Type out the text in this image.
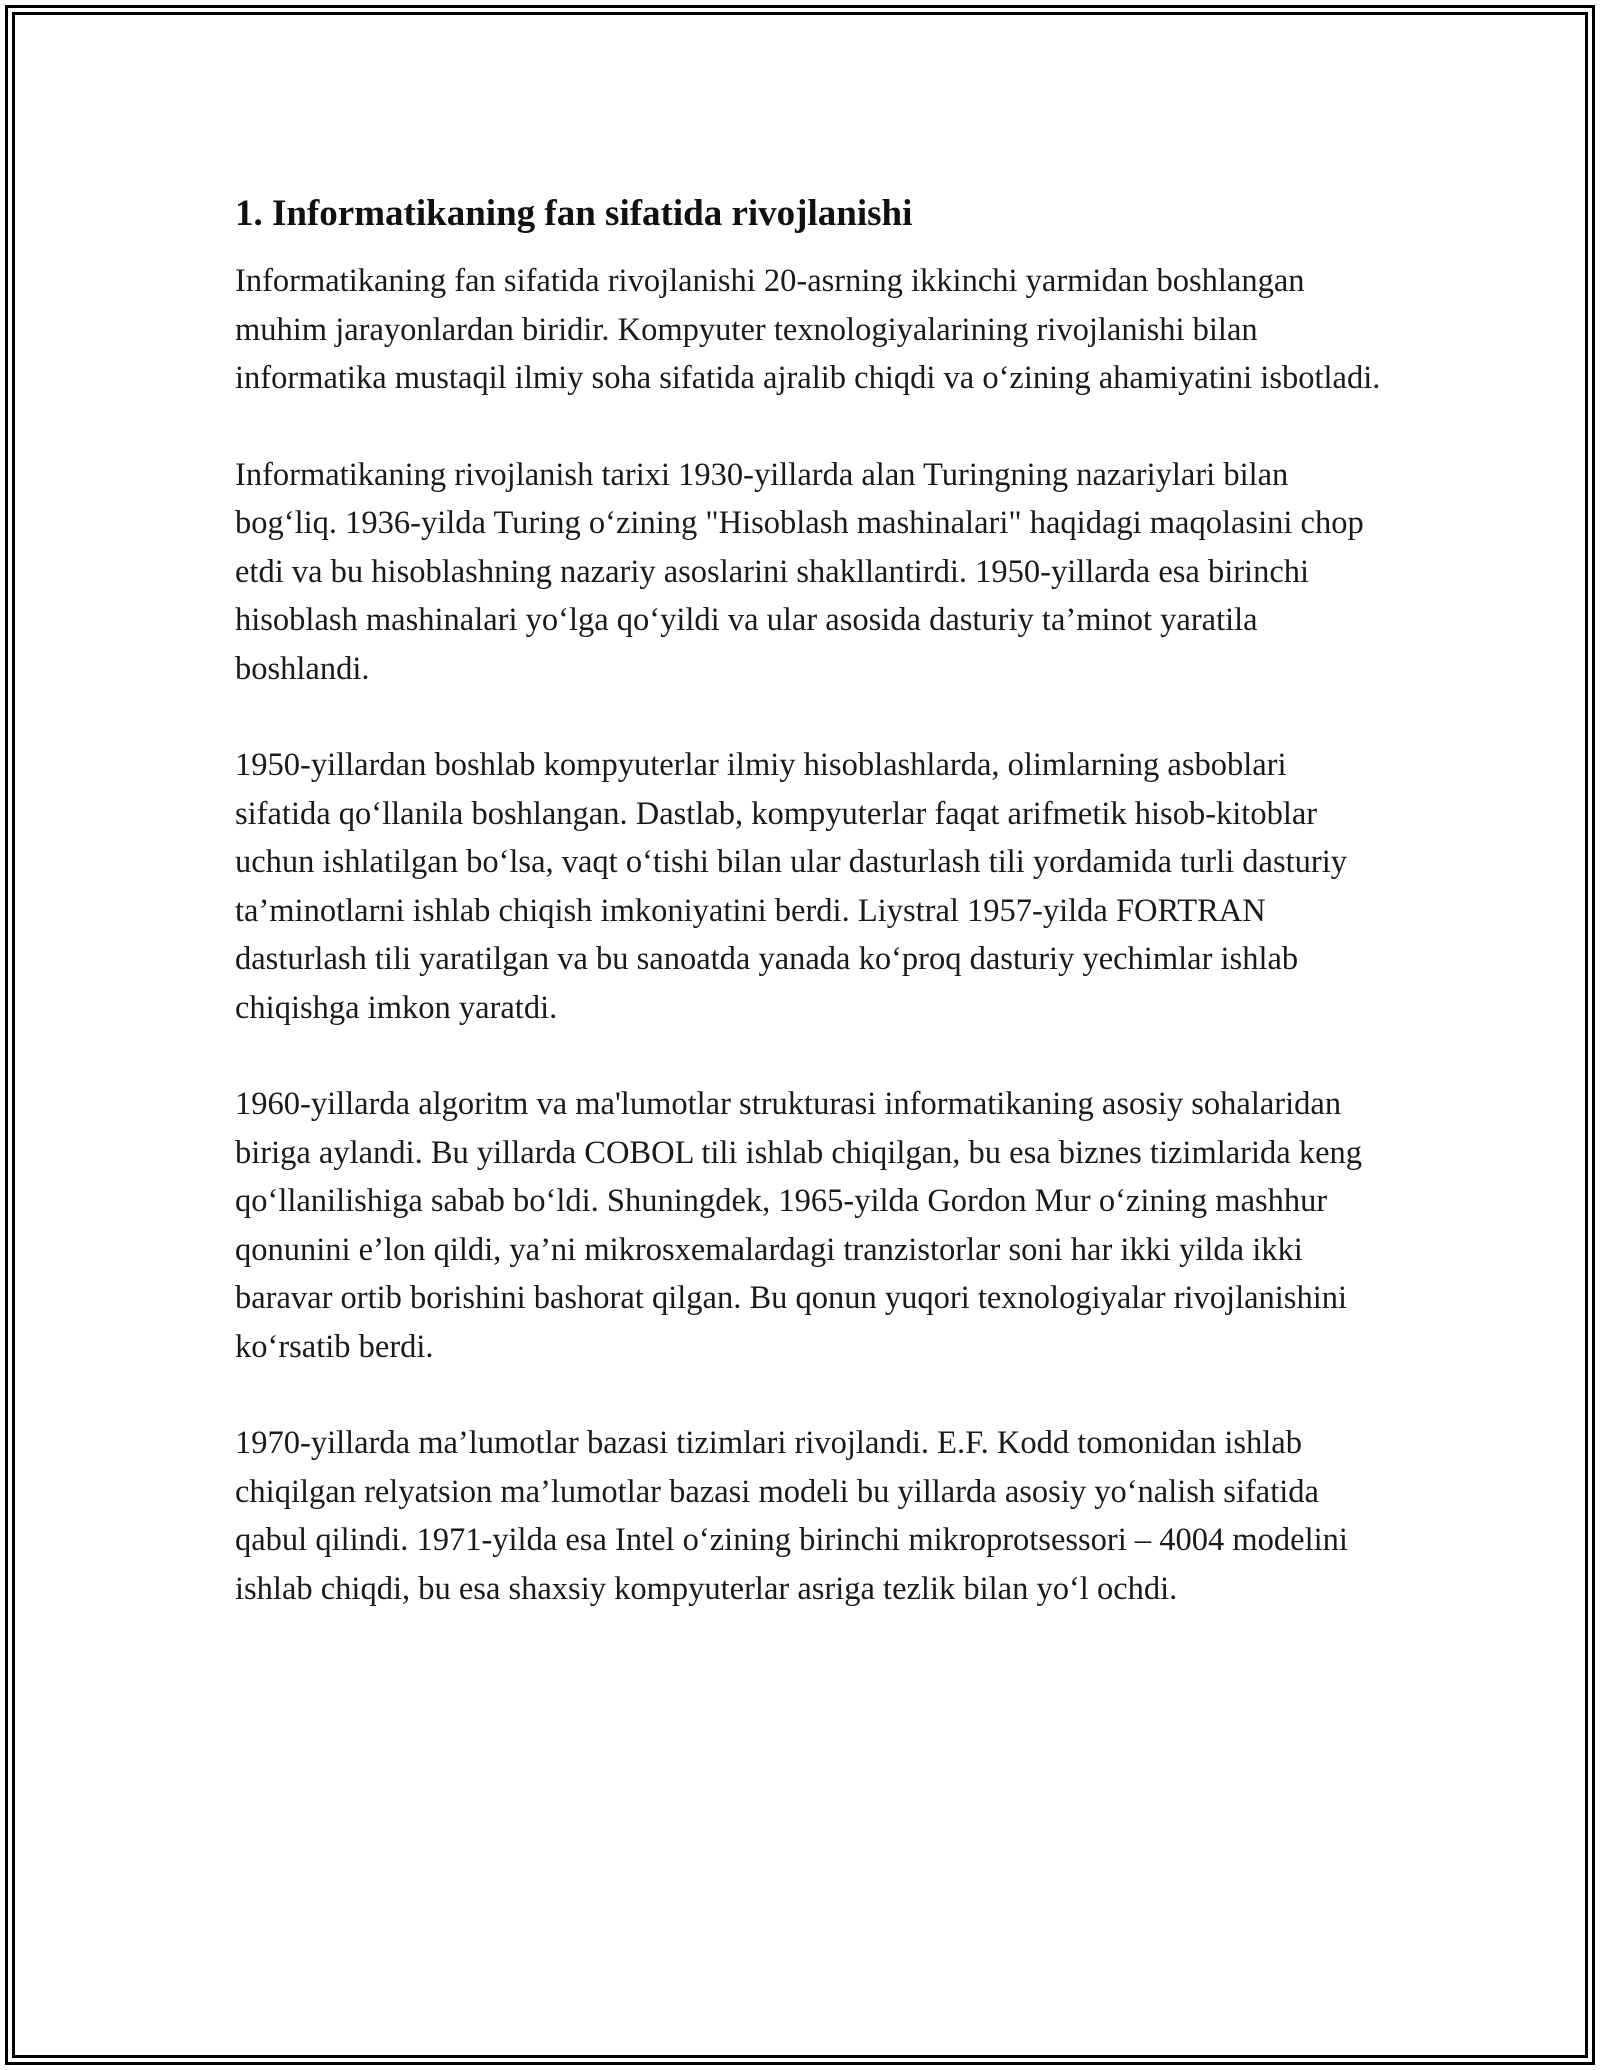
1. Informatikaning fan sifatida rivojlanishi

Informatikaning fan sifatida rivojlanishi 20-asrning ikkinchi yarmidan boshlangan muhim jarayonlardan biridir. Kompyuter texnologiyalarining rivojlanishi bilan informatika mustaqil ilmiy soha sifatida ajralib chiqdi va o‘zining ahamiyatini isbotladi.

Informatikaning rivojlanish tarixi 1930-yillarda alan Turingning nazariylari bilan bog‘liq. 1936-yilda Turing o‘zining "Hisoblash mashinalari" haqidagi maqolasini chop etdi va bu hisoblashning nazariy asoslarini shakllantirdi. 1950-yillarda esa birinchi hisoblash mashinalari yo‘lga qo‘yildi va ular asosida dasturiy ta’minot yaratila boshlandi.

1950-yillardan boshlab kompyuterlar ilmiy hisoblashlarda, olimlarning asboblari sifatida qo‘llanila boshlangan. Dastlab, kompyuterlar faqat arifmetik hisob-kitoblar uchun ishlatilgan bo‘lsa, vaqt o‘tishi bilan ular dasturlash tili yordamida turli dasturiy ta’minotlarni ishlab chiqish imkoniyatini berdi. Liystral 1957-yilda FORTRAN dasturlash tili yaratilgan va bu sanoatda yanada ko‘proq dasturiy yechimlar ishlab chiqishga imkon yaratdi.

1960-yillarda algoritm va ma'lumotlar strukturasi informatikaning asosiy sohalaridan biriga aylandi. Bu yillarda COBOL tili ishlab chiqilgan, bu esa biznes tizimlarida keng qo‘llanilishiga sabab bo‘ldi. Shuningdek, 1965-yilda Gordon Mur o‘zining mashhur qonunini e’lon qildi, ya’ni mikrosxemalardagi tranzistorlar soni har ikki yilda ikki baravar ortib borishini bashorat qilgan. Bu qonun yuqori texnologiyalar rivojlanishini ko‘rsatib berdi.

1970-yillarda ma’lumotlar bazasi tizimlari rivojlandi. E.F. Kodd tomonidan ishlab chiqilgan relyatsion ma’lumotlar bazasi modeli bu yillarda asosiy yo‘nalish sifatida qabul qilindi. 1971-yilda esa Intel o‘zining birinchi mikroprotsessori – 4004 modelini ishlab chiqdi, bu esa shaxsiy kompyuterlar asriga tezlik bilan yo‘l ochdi.
